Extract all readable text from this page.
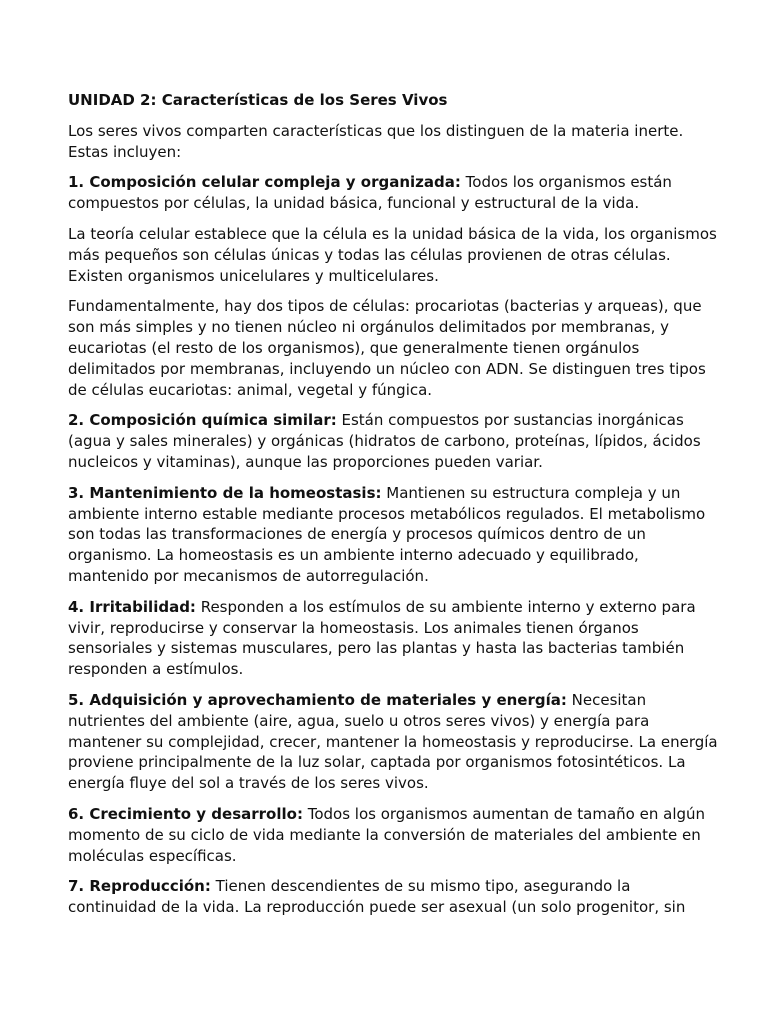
UNIDAD 2: Características de los Seres Vivos

Los seres vivos comparten características que los distinguen de la materia inerte. Estas incluyen:

1. Composición celular compleja y organizada: Todos los organismos están compuestos por células, la unidad básica, funcional y estructural de la vida.

La teoría celular establece que la célula es la unidad básica de la vida, los organismos más pequeños son células únicas y todas las células provienen de otras células. Existen organismos unicelulares y multicelulares.

Fundamentalmente, hay dos tipos de células: procariotas (bacterias y arqueas), que son más simples y no tienen núcleo ni orgánulos delimitados por membranas, y eucariotas (el resto de los organismos), que generalmente tienen orgánulos delimitados por membranas, incluyendo un núcleo con ADN. Se distinguen tres tipos de células eucariotas: animal, vegetal y fúngica.

2. Composición química similar: Están compuestos por sustancias inorgánicas (agua y sales minerales) y orgánicas (hidratos de carbono, proteínas, lípidos, ácidos nucleicos y vitaminas), aunque las proporciones pueden variar.

3. Mantenimiento de la homeostasis: Mantienen su estructura compleja y un ambiente interno estable mediante procesos metabólicos regulados. El metabolismo son todas las transformaciones de energía y procesos químicos dentro de un organismo. La homeostasis es un ambiente interno adecuado y equilibrado, mantenido por mecanismos de autorregulación.

4. Irritabilidad: Responden a los estímulos de su ambiente interno y externo para vivir, reproducirse y conservar la homeostasis. Los animales tienen órganos sensoriales y sistemas musculares, pero las plantas y hasta las bacterias también responden a estímulos.

5. Adquisición y aprovechamiento de materiales y energía: Necesitan nutrientes del ambiente (aire, agua, suelo u otros seres vivos) y energía para mantener su complejidad, crecer, mantener la homeostasis y reproducirse. La energía proviene principalmente de la luz solar, captada por organismos fotosintéticos. La energía fluye del sol a través de los seres vivos.

6. Crecimiento y desarrollo: Todos los organismos aumentan de tamaño en algún momento de su ciclo de vida mediante la conversión de materiales del ambiente en moléculas específicas.

7. Reproducción: Tienen descendientes de su mismo tipo, asegurando la continuidad de la vida. La reproducción puede ser asexual (un solo progenitor, sin
